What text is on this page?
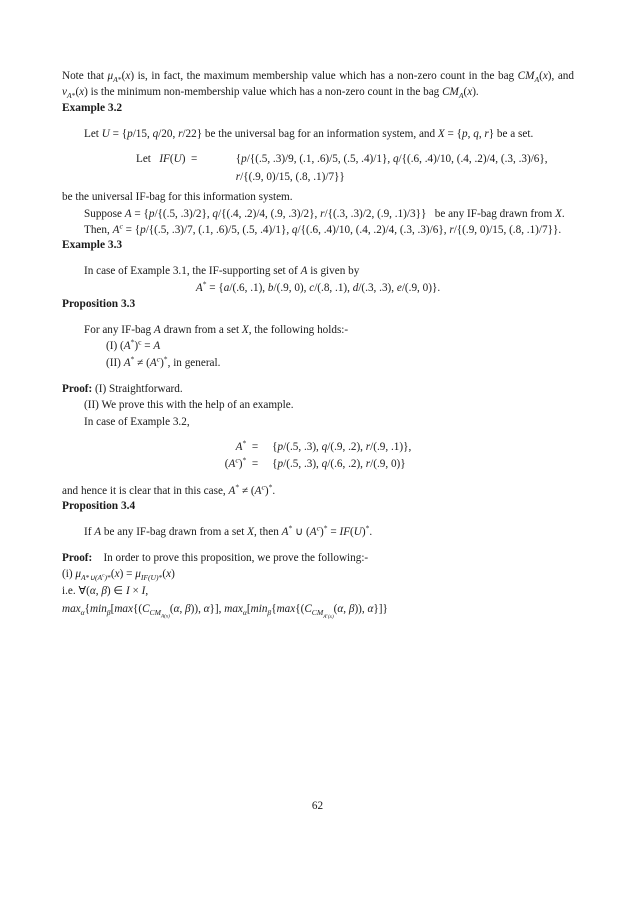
Note that $\mu_{A*}(x)$ is, in fact, the maximum membership value which has a non-zero count in the bag $CM_A(x)$, and $\nu_{A*}(x)$ is the minimum non-membership value which has a non-zero count in the bag $CM_A(x)$.

Example 3.2

Let U = {p/15, q/20, r/22} be the universal bag for an information system, and X = {p, q, r} be a set.

Let   IF(U)  =	{p/{(.5, .3)/9, (.1, .6)/5, (.5, .4)/1}, q/{(.6, .4)/10, (.4, .2)/4, (.3, .3)/6},
r/{(.9, 0)/15, (.8, .1)/7}}

be the universal IF-bag for this information system.

Suppose A = {p/{(.5, .3)/2}, q/{(.4, .2)/4, (.9, .3)/2}, r/{(.3, .3)/2, (.9, .1)/3}}   be any IF-bag drawn from X.

Then, $A^c = \{p/\{(.5$, .3)/7, (.1, .6)/5, (.5, .4)/1}, q/{(.6, .4)/10, (.4, .2)/4, (.3, .3)/6}, r/{(.9, 0)/15, (.8, .1)/7}}.

Example 3.3

In case of Example 3.1, the IF-supporting set of A is given by

A* = {a/(.6, .1), b/(.9, 0), c/(.8, .1), d/(.3, .3), e/(.9, 0)}.

Proposition 3.3

For any IF-bag A drawn from a set X, the following holds:-

(I) $(A^*)^c = A$

(II) $A^* \ne (A^c)^*$, in general.

Proof: (I) Straightforward.

(II) We prove this with the help of an example.

In case of Example 3.2,

A*  = {p/(.5, .3), q/(.9, .2), r/(.9, .1)},
$(A^c)^* = \{p/(.5$, .3), q/(.6, .2), r/(.9, 0)}

and hence it is clear that in this case, $A^* \ne (A^c)^*$.

Proposition 3.4

If A be any IF-bag drawn from a set X, then A* ∪ $(A^c)^* = IF(U)^*$.

Proof:    In order to prove this proposition, we prove the following:-

(i) $\mu_{A*\cup(A^c)*}(x) = \mu_{IF(U)*}(x)$

i.e. ∀(α, β) ∈ I × I,

$\max_\alpha\{\min_\beta[\max\{(C_{CM_{A(x)}}(\alpha$, β)), α}], $\max_\alpha[\min_\beta\{\max\{(C_{CM_{A^c(x)}}(\alpha$, β)), α}]}

62
